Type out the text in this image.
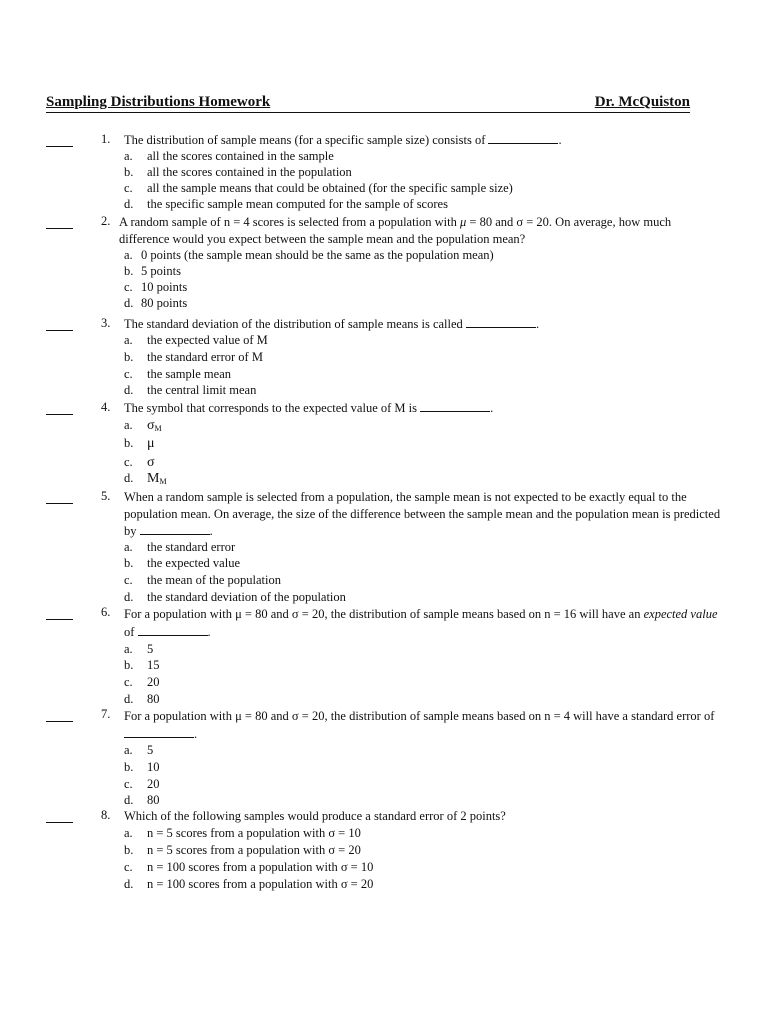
Sampling Distributions Homework	Dr. McQuiston
1. The distribution of sample means (for a specific sample size) consists of	.
a. all the scores contained in the sample
b. all the scores contained in the population
c. all the sample means that could be obtained (for the specific sample size)
d. the specific sample mean computed for the sample of scores
2. A random sample of n = 4 scores is selected from a population with μ = 80 and σ = 20. On average, how much difference would you expect between the sample mean and the population mean?
a. 0 points (the sample mean should be the same as the population mean)
b. 5 points
c. 10 points
d. 80 points
3. The standard deviation of the distribution of sample means is called	.
a. the expected value of M
b. the standard error of M
c. the sample mean
d. the central limit mean
4. The symbol that corresponds to the expected value of M is	.
a. $\sigma_M$
b. μ
c. σ
d. $M_M$
5. When a random sample is selected from a population, the sample mean is not expected to be exactly equal to the population mean. On average, the size of the difference between the sample mean and the population mean is predicted by	.
a. the standard error
b. the expected value
c. the mean of the population
d. the standard deviation of the population
6. For a population with μ = 80 and σ = 20, the distribution of sample means based on n = 16 will have an expected value of	.
a. 5
b. 15
c. 20
d. 80
7. For a population with μ = 80 and σ = 20, the distribution of sample means based on n = 4 will have a standard error of .
a. 5
b. 10
c. 20
d. 80
8. Which of the following samples would produce a standard error of 2 points?
a. n = 5 scores from a population with σ = 10
b. n = 5 scores from a population with σ = 20
c. n = 100 scores from a population with σ = 10
d. n = 100 scores from a population with σ = 20
